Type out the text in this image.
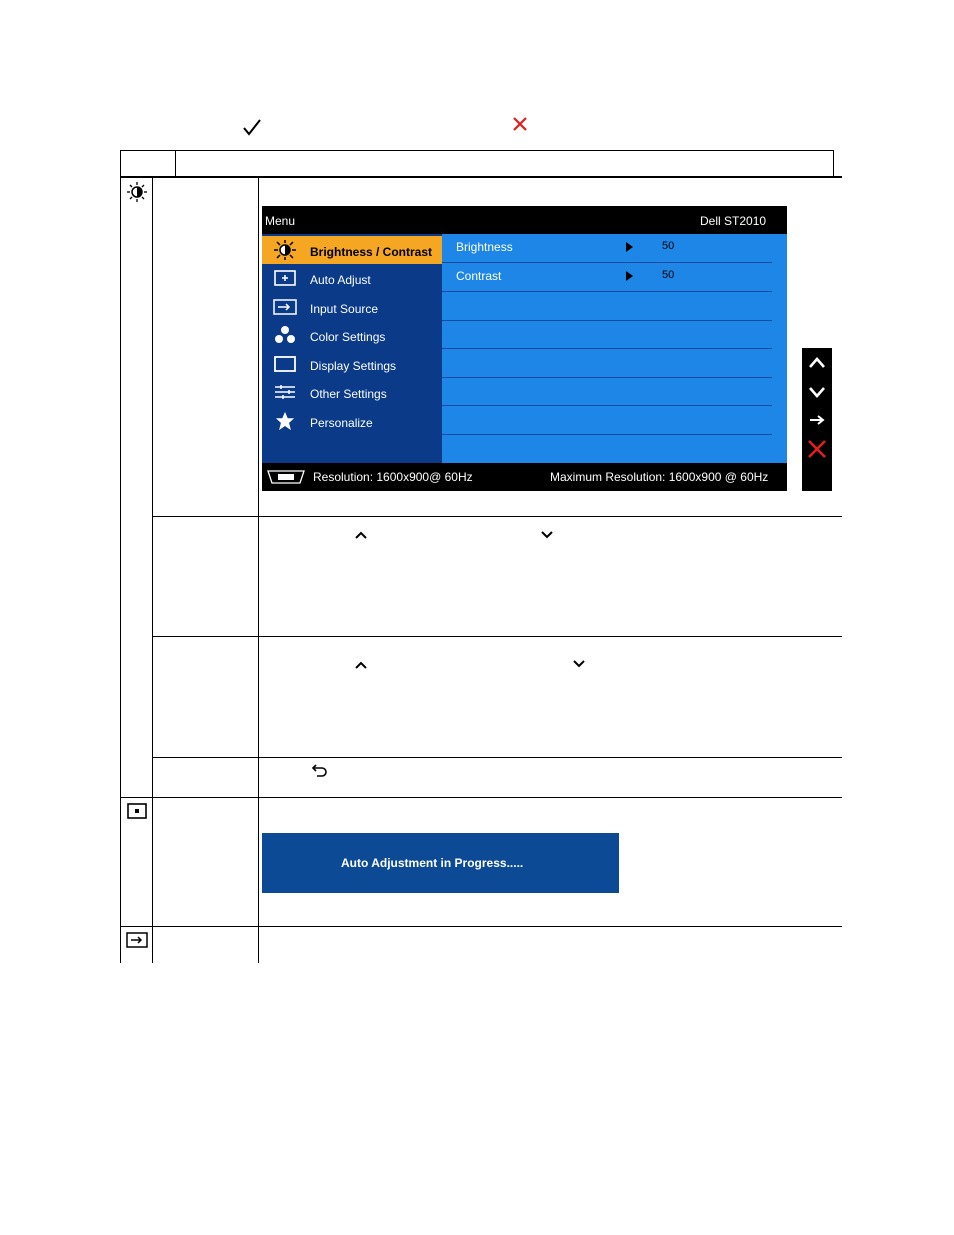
Menu	Dell ST2010
Brightness / Contrast
Auto Adjust
Input Source
Color Settings
Display Settings
Other Settings
Personalize
Brightness	50
Contrast	50
Resolution: 1600x900@ 60Hz	Maximum Resolution: 1600x900 @ 60Hz
Auto Adjustment in Progress.....
